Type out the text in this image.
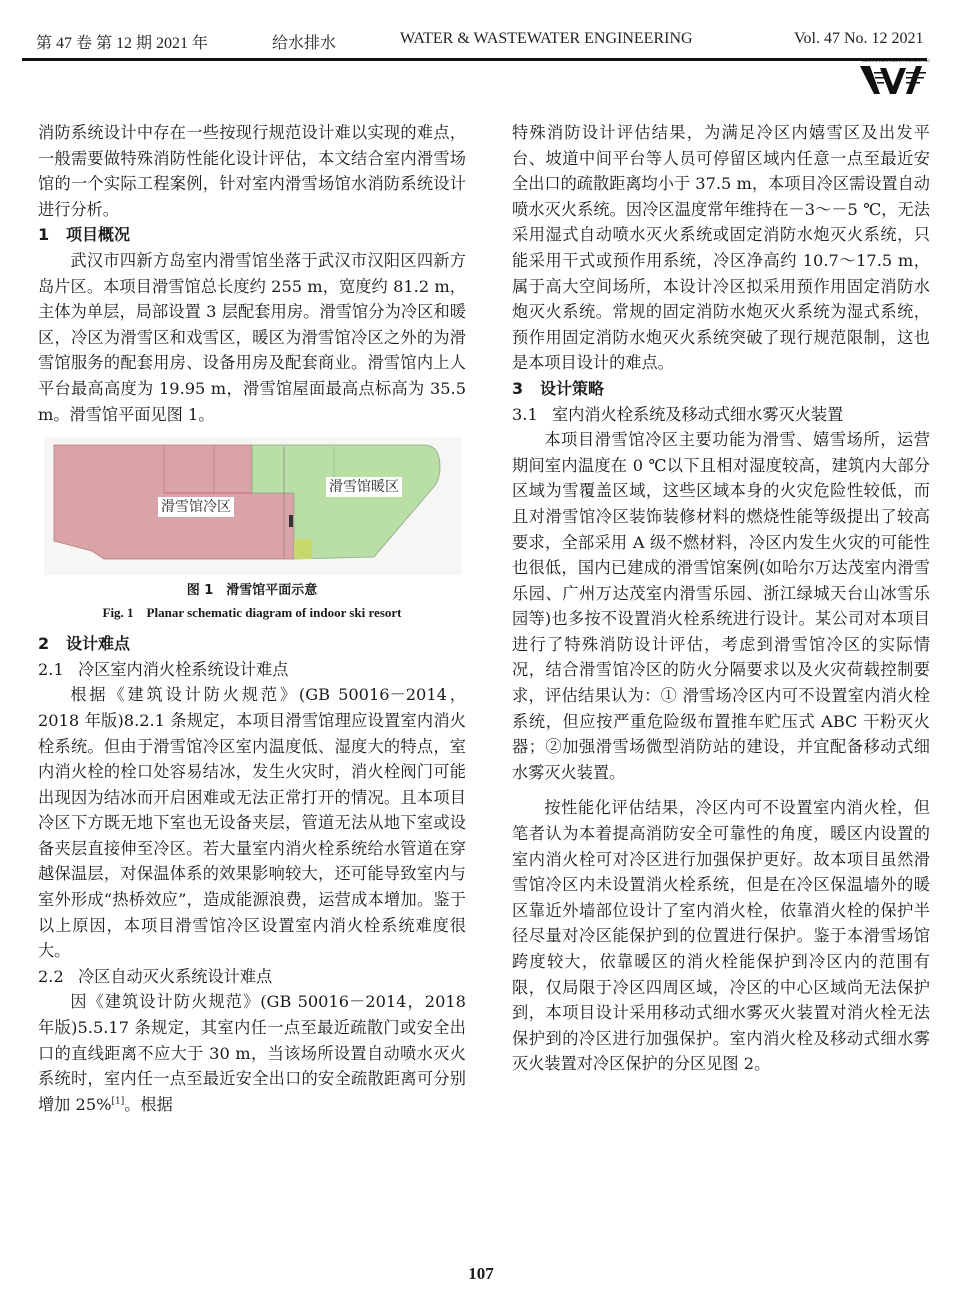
第 47 卷 第 12 期 2021 年	给水排水	WATER & WASTEWATER ENGINEERING	Vol. 47 No. 12 2021
WATER & WASTEWATER ENGINEERING

消防系统设计中存在一些按现行规范设计难以实现的难点，一般需要做特殊消防性能化设计评估，本文结合室内滑雪场馆的一个实际工程案例，针对室内滑雪场馆水消防系统设计进行分析。

1 项目概况

武汉市四新方岛室内滑雪馆坐落于武汉市汉阳区四新方岛片区。本项目滑雪馆总长度约 255 m，宽度约 81.2 m，主体为单层，局部设置 3 层配套用房。滑雪馆分为冷区和暖区，冷区为滑雪区和戏雪区，暖区为滑雪馆冷区之外的为滑雪馆服务的配套用房、设备用房及配套商业。滑雪馆内上人平台最高高度为 19.95 m，滑雪馆屋面最高点标高为 35.5 m。滑雪馆平面见图 1。

滑雪馆冷区
滑雪馆暖区

图 1　滑雪馆平面示意

Fig. 1　Planar schematic diagram of indoor ski resort

2 设计难点
2.1 冷区室内消火栓系统设计难点

根据《建筑设计防火规范》(GB 50016－2014，2018 年版)8.2.1 条规定，本项目滑雪馆理应设置室内消火栓系统。但由于滑雪馆冷区室内温度低、湿度大的特点，室内消火栓的栓口处容易结冰，发生火灾时，消火栓阀门可能出现因为结冰而开启困难或无法正常打开的情况。且本项目冷区下方既无地下室也无设备夹层，管道无法从地下室或设备夹层直接伸至冷区。若大量室内消火栓系统给水管道在穿越保温层，对保温体系的效果影响较大，还可能导致室内与室外形成“热桥效应”，造成能源浪费，运营成本增加。鉴于以上原因，本项目滑雪馆冷区设置室内消火栓系统难度很大。

2.2 冷区自动灭火系统设计难点

因《建筑设计防火规范》(GB 50016－2014，2018 年版)5.5.17 条规定，其室内任一点至最近疏散门或安全出口的直线距离不应大于 30 m，当该场所设置自动喷水灭火系统时，室内任一点至最近安全出口的安全疏散距离可分别增加 25%[1]。根据

特殊消防设计评估结果，为满足冷区内嬉雪区及出发平台、坡道中间平台等人员可停留区域内任意一点至最近安全出口的疏散距离均小于 37.5 m，本项目冷区需设置自动喷水灭火系统。因冷区温度常年维持在－3～－5 ℃，无法采用湿式自动喷水灭火系统或固定消防水炮灭火系统，只能采用干式或预作用系统，冷区净高约 10.7～17.5 m，属于高大空间场所，本设计冷区拟采用预作用固定消防水炮灭火系统。常规的固定消防水炮灭火系统为湿式系统，预作用固定消防水炮灭火系统突破了现行规范限制，这也是本项目设计的难点。

3 设计策略
3.1 室内消火栓系统及移动式细水雾灭火装置

本项目滑雪馆冷区主要功能为滑雪、嬉雪场所，运营期间室内温度在 0 ℃以下且相对湿度较高，建筑内大部分区域为雪覆盖区域，这些区域本身的火灾危险性较低，而且对滑雪馆冷区装饰装修材料的燃烧性能等级提出了较高要求，全部采用 A 级不燃材料，冷区内发生火灾的可能性也很低，国内已建成的滑雪馆案例(如哈尔万达茂室内滑雪乐园、广州万达茂室内滑雪乐园、浙江绿城天台山冰雪乐园等)也多按不设置消火栓系统进行设计。某公司对本项目进行了特殊消防设计评估，考虑到滑雪馆冷区的实际情况，结合滑雪馆冷区的防火分隔要求以及火灾荷载控制要求，评估结果认为：① 滑雪场冷区内可不设置室内消火栓系统，但应按严重危险级布置推车贮压式 ABC 干粉灭火器；②加强滑雪场微型消防站的建设，并宜配备移动式细水雾灭火装置。

按性能化评估结果，冷区内可不设置室内消火栓，但笔者认为本着提高消防安全可靠性的角度，暖区内设置的室内消火栓可对冷区进行加强保护更好。故本项目虽然滑雪馆冷区内未设置消火栓系统，但是在冷区保温墙外的暖区靠近外墙部位设计了室内消火栓，依靠消火栓的保护半径尽量对冷区能保护到的位置进行保护。鉴于本滑雪场馆跨度较大，依靠暖区的消火栓能保护到冷区内的范围有限，仅局限于冷区四周区域，冷区的中心区域尚无法保护到，本项目设计采用移动式细水雾灭火装置对消火栓无法保护到的冷区进行加强保护。室内消火栓及移动式细水雾灭火装置对冷区保护的分区见图 2。

107
